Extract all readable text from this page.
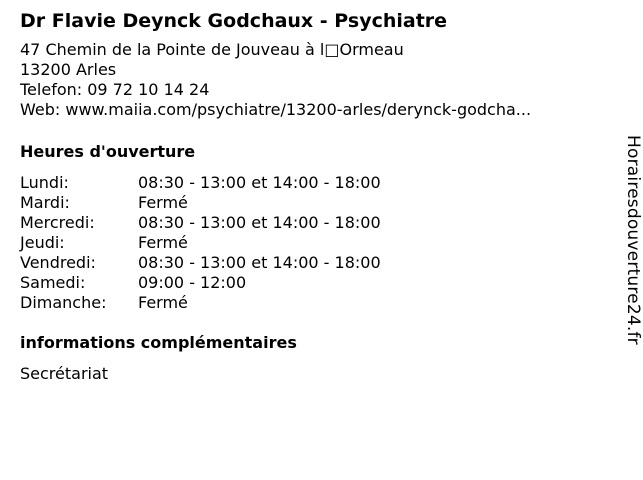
Dr Flavie Deynck Godchaux - Psychiatre
47 Chemin de la Pointe de Jouveau à l□Ormeau
13200 Arles
Telefon: 09 72 10 14 24
Web: www.maiia.com/psychiatre/13200-arles/derynck-godcha...
Heures d'ouverture
Lundi:	08:30 - 13:00 et 14:00 - 18:00
Mardi:	Fermé
Mercredi:	08:30 - 13:00 et 14:00 - 18:00
Jeudi:	Fermé
Vendredi:	08:30 - 13:00 et 14:00 - 18:00
Samedi:	09:00 - 12:00
Dimanche:	Fermé
informations complémentaires
Secrétariat
Horairesdouverture24.fr
